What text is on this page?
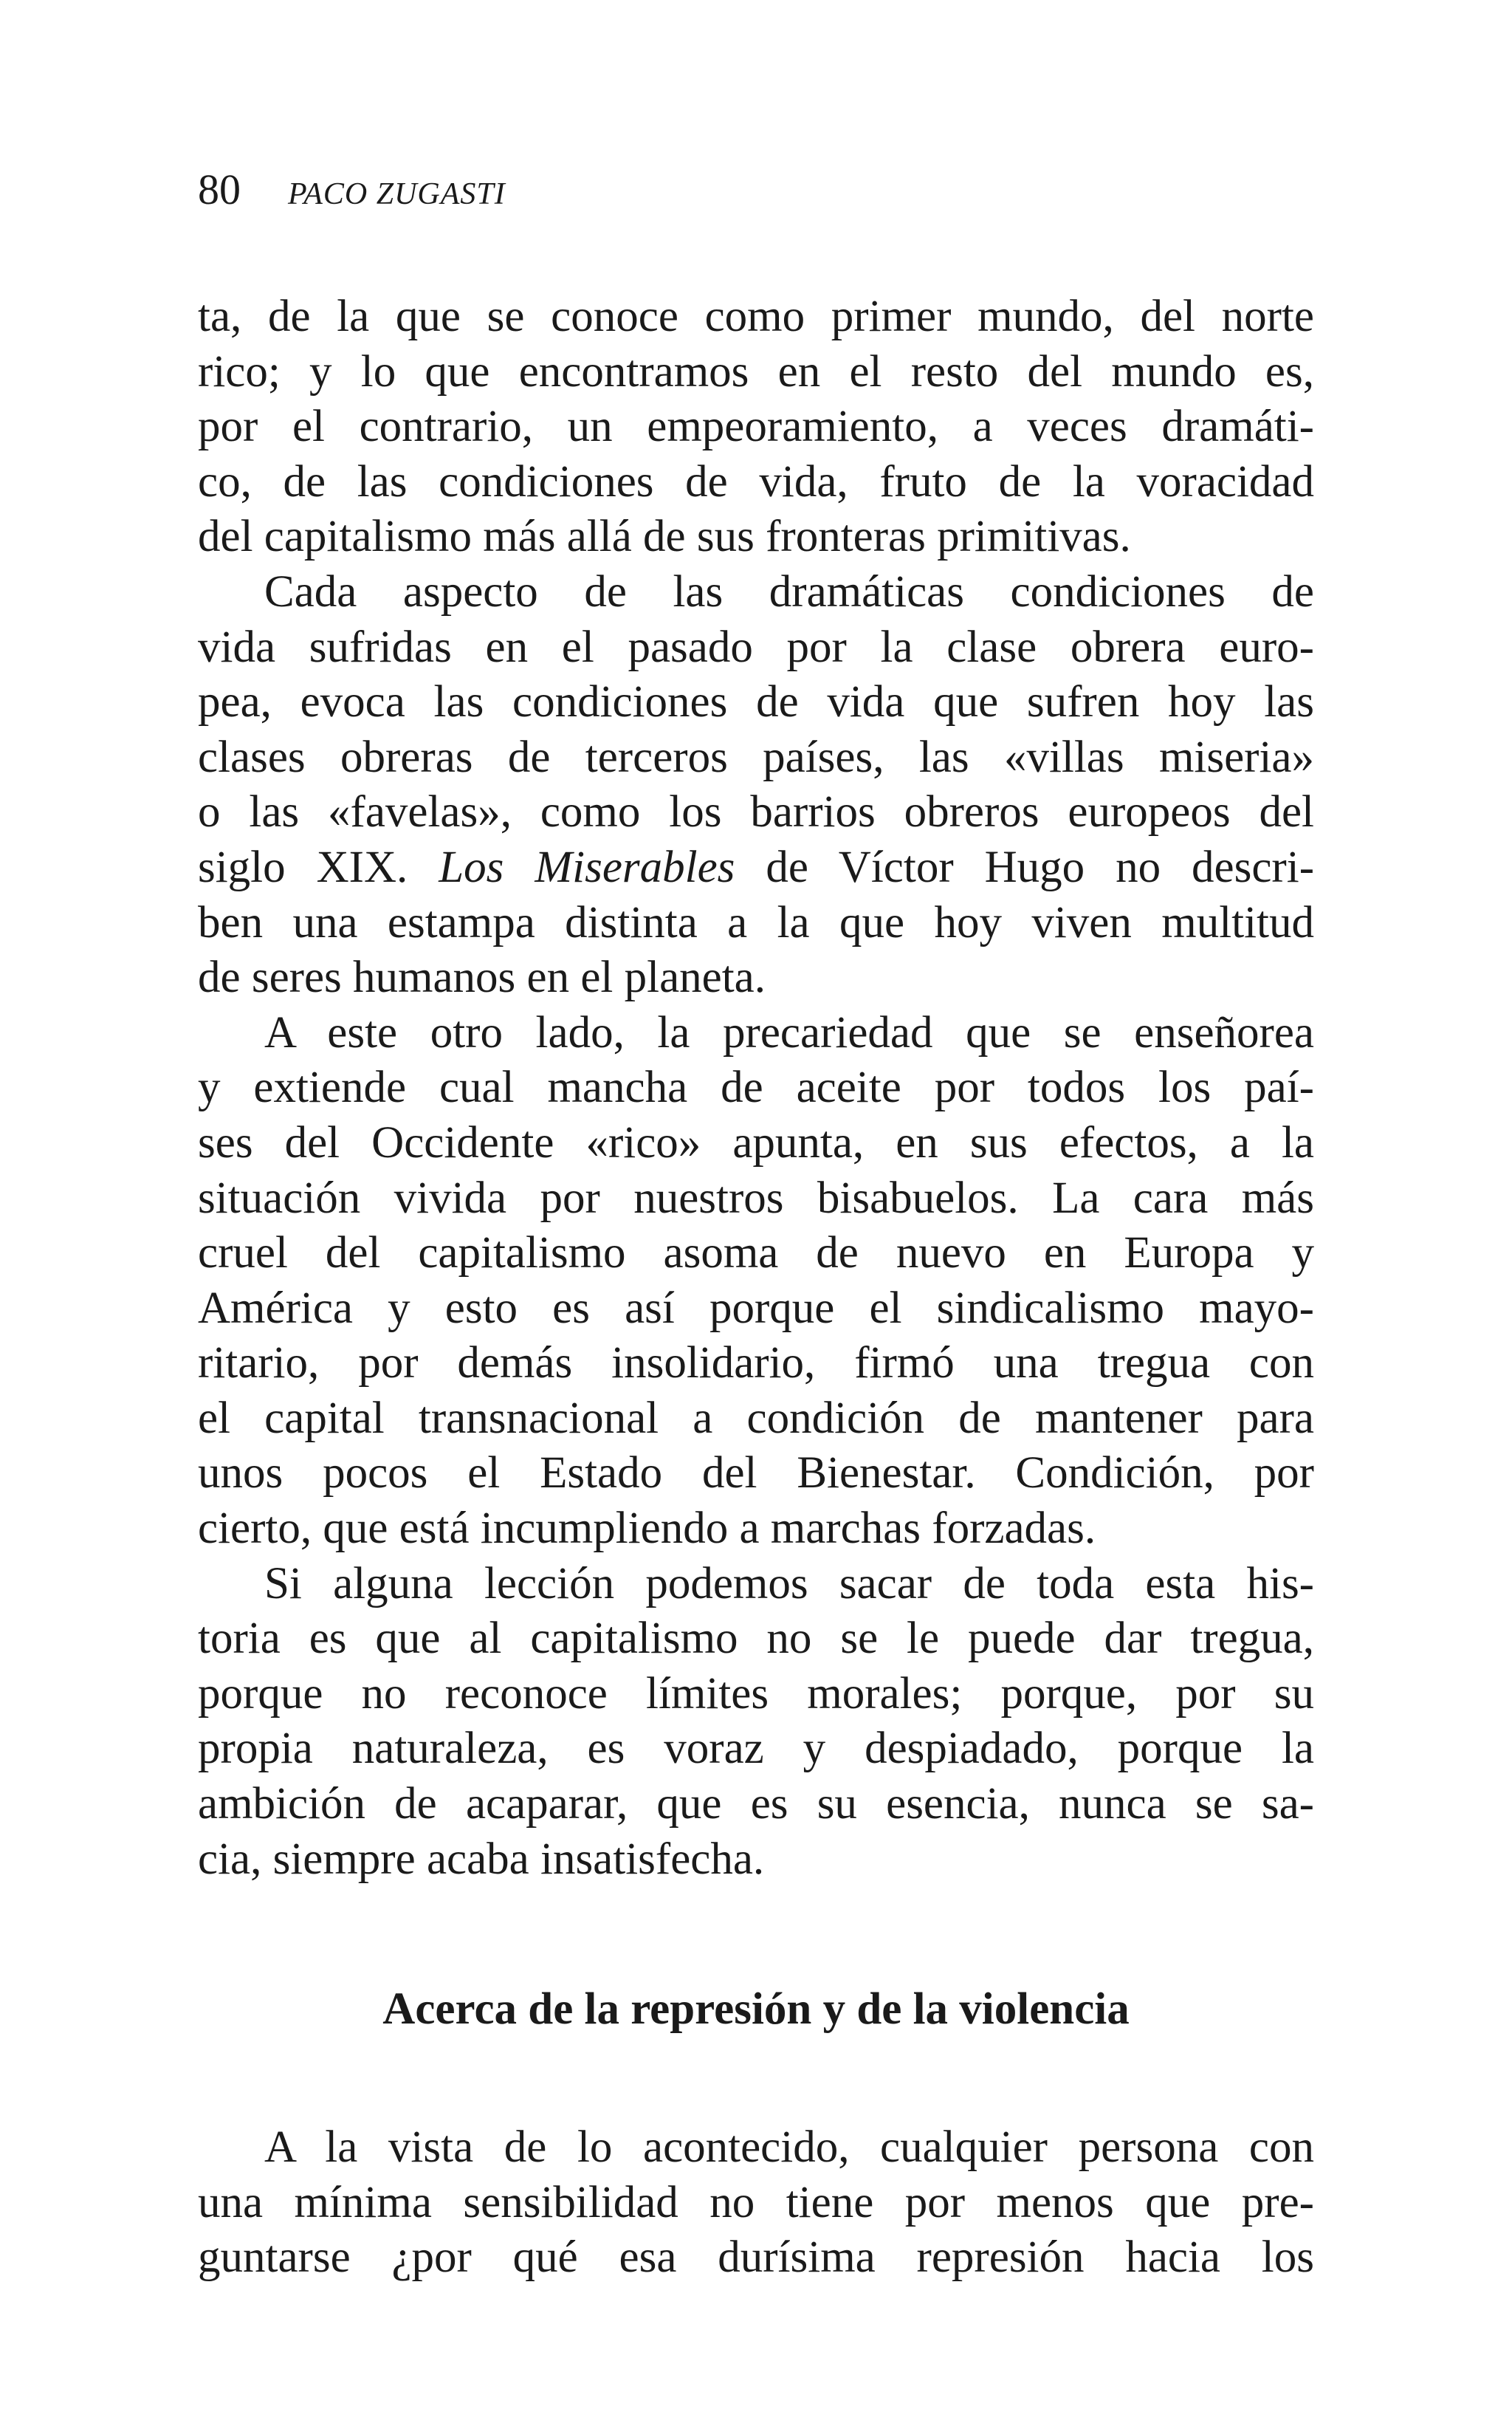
80 PACO ZUGASTI
ta, de la que se conoce como primer mundo, del norte
rico; y lo que encontramos en el resto del mundo es,
por el contrario, un empeoramiento, a veces dramáti-
co, de las condiciones de vida, fruto de la voracidad
del capitalismo más allá de sus fronteras primitivas.
Cada aspecto de las dramáticas condiciones de
vida sufridas en el pasado por la clase obrera euro-
pea, evoca las condiciones de vida que sufren hoy las
clases obreras de terceros países, las «villas miseria»
o las «favelas», como los barrios obreros europeos del
siglo XIX. Los Miserables de Víctor Hugo no descri-
ben una estampa distinta a la que hoy viven multitud
de seres humanos en el planeta.
A este otro lado, la precariedad que se enseñorea
y extiende cual mancha de aceite por todos los paí-
ses del Occidente «rico» apunta, en sus efectos, a la
situación vivida por nuestros bisabuelos. La cara más
cruel del capitalismo asoma de nuevo en Europa y
América y esto es así porque el sindicalismo mayo-
ritario, por demás insolidario, firmó una tregua con
el capital transnacional a condición de mantener para
unos pocos el Estado del Bienestar. Condición, por
cierto, que está incumpliendo a marchas forzadas.
Si alguna lección podemos sacar de toda esta his-
toria es que al capitalismo no se le puede dar tregua,
porque no reconoce límites morales; porque, por su
propia naturaleza, es voraz y despiadado, porque la
ambición de acaparar, que es su esencia, nunca se sa-
cia, siempre acaba insatisfecha.
Acerca de la represión y de la violencia
A la vista de lo acontecido, cualquier persona con
una mínima sensibilidad no tiene por menos que pre-
guntarse ¿por qué esa durísima represión hacia los
